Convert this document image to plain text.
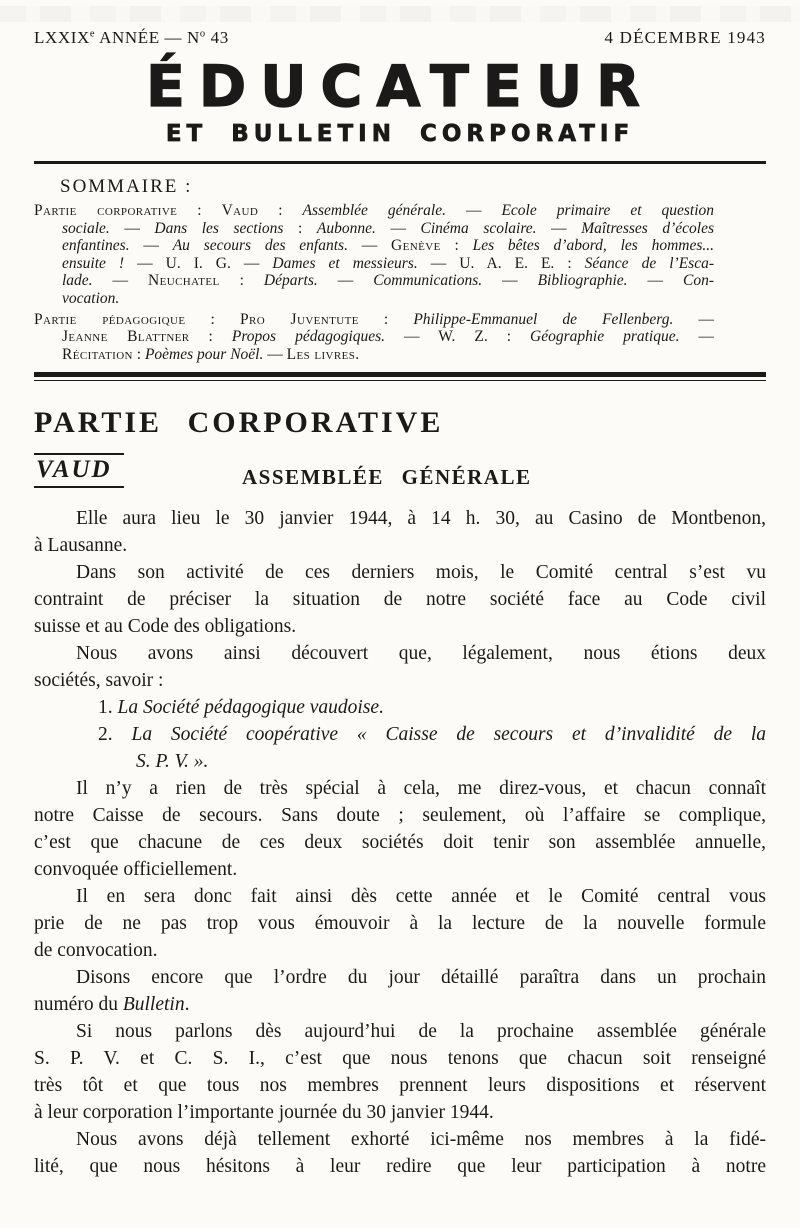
LXXIXe ANNÉE — $N^o$ 43	4 DÉCEMBRE 1943
ÉDUCATEUR
ET BULLETIN CORPORATIF
SOMMAIRE :
Partie corporative : Vaud : Assemblée générale. — Ecole primaire et question
sociale. — Dans les sections : Aubonne. — Cinéma scolaire. — Maîtresses d’écoles
enfantines. — Au secours des enfants. — Genève : Les bêtes d’abord, les hommes...
ensuite ! — U. I. G. — Dames et messieurs. — U. A. E. E. : Séance de l’Esca-
lade. — Neuchatel : Départs. — Communications. — Bibliographie. — Con-
vocation.
Partie pédagogique : Pro Juventute : Philippe-Emmanuel de Fellenberg. —
Jeanne Blattner : Propos pédagogiques. — W. Z. : Géographie pratique. —
Récitation : Poèmes pour Noël. — Les livres.
PARTIE CORPORATIVE
VAUD	ASSEMBLÉE GÉNÉRALE
Elle aura lieu le 30 janvier 1944, à 14 h. 30, au Casino de Montbenon,
à Lausanne.
Dans son activité de ces derniers mois, le Comité central s’est vu
contraint de préciser la situation de notre société face au Code civil
suisse et au Code des obligations.
Nous avons ainsi découvert que, légalement, nous étions deux
sociétés, savoir :
1. La Société pédagogique vaudoise.
2. La Société coopérative « Caisse de secours et d’invalidité de la
S. P. V. ».
Il n’y a rien de très spécial à cela, me direz-vous, et chacun connaît
notre Caisse de secours. Sans doute ; seulement, où l’affaire se complique,
c’est que chacune de ces deux sociétés doit tenir son assemblée annuelle,
convoquée officiellement.
Il en sera donc fait ainsi dès cette année et le Comité central vous
prie de ne pas trop vous émouvoir à la lecture de la nouvelle formule
de convocation.
Disons encore que l’ordre du jour détaillé paraîtra dans un prochain
numéro du Bulletin.
Si nous parlons dès aujourd’hui de la prochaine assemblée générale
S. P. V. et C. S. I., c’est que nous tenons que chacun soit renseigné
très tôt et que tous nos membres prennent leurs dispositions et réservent
à leur corporation l’importante journée du 30 janvier 1944.
Nous avons déjà tellement exhorté ici-même nos membres à la fidé-
lité, que nous hésitons à leur redire que leur participation à notre
